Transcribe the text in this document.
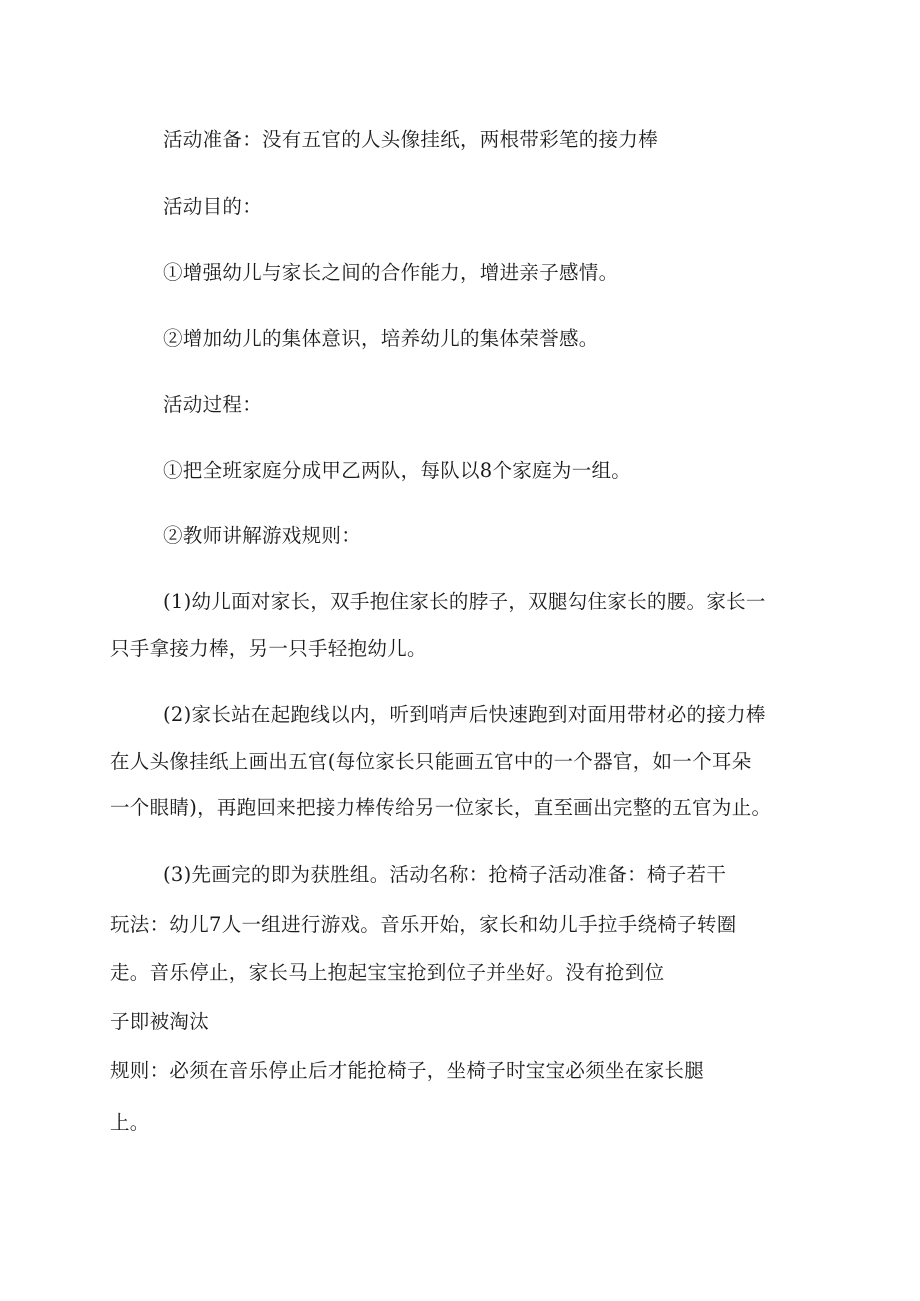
活动准备：没有五官的人头像挂纸，两根带彩笔的接力棒
活动目的：
①增强幼儿与家长之间的合作能力，增进亲子感情。
②增加幼儿的集体意识，培养幼儿的集体荣誉感。
活动过程：
①把全班家庭分成甲乙两队，每队以8个家庭为一组。
②教师讲解游戏规则：
(1)幼儿面对家长，双手抱住家长的脖子，双腿勾住家长的腰。家长一
只手拿接力棒，另一只手轻抱幼儿。
(2)家长站在起跑线以内，听到哨声后快速跑到对面用带材必的接力棒
在人头像挂纸上画出五官(每位家长只能画五官中的一个器官，如一个耳朵
一个眼睛)，再跑回来把接力棒传给另一位家长，直至画出完整的五官为止。
(3)先画完的即为获胜组。活动名称：抢椅子活动准备：椅子若干
玩法：幼儿7人一组进行游戏。音乐开始，家长和幼儿手拉手绕椅子转圈
走。音乐停止，家长马上抱起宝宝抢到位子并坐好。没有抢到位
子即被淘汰
规则：必须在音乐停止后才能抢椅子，坐椅子时宝宝必须坐在家长腿
上。
